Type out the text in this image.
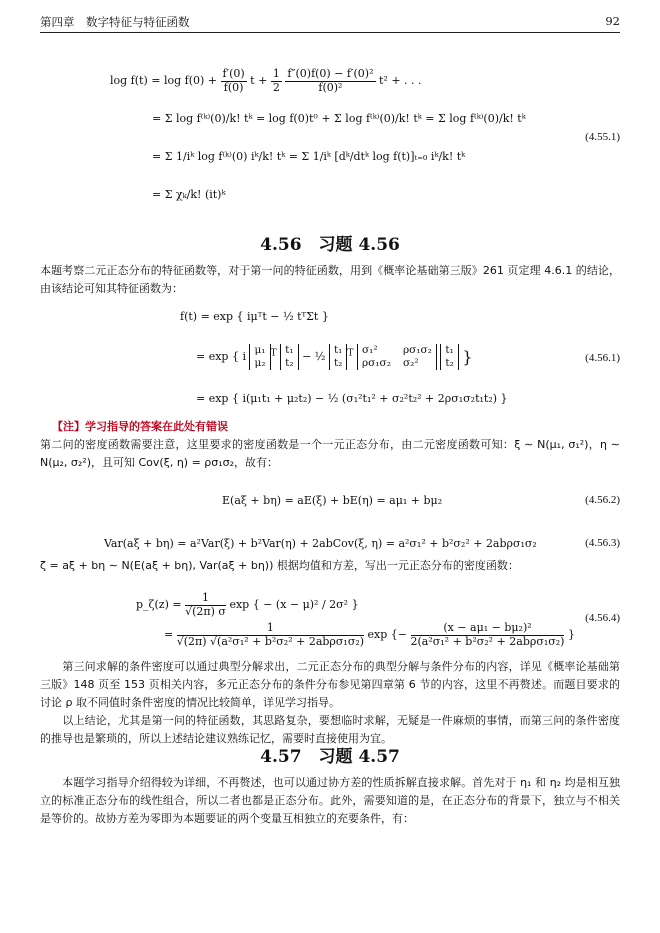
第四章　数字特征与特征函数	92
$\log f(t) = \log f(0) + \frac{f'(0)}{f(0)}$ $t + \frac{1}{2}$
$\frac{\text{f″(0)f(0) − f′(0)²}}{\text{f(0)²}} t^2$ + . . .
= Σ log f⁽ᵏ⁾(0)/k! tᵏ = log f(0)t⁰ + Σ log f⁽ᵏ⁾(0)/k! tᵏ = Σ log f⁽ᵏ⁾(0)/k! tᵏ
= Σ 1/iᵏ log f⁽ᵏ⁾(0) iᵏ/k! tᵏ = Σ 1/iᵏ [dᵏ/dtᵏ log f(t)]ₜ₌₀ iᵏ/k! tᵏ
= Σ χₖ/k! (it)ᵏ
(4.55.1)
4.56　习题 4.56
本题考察二元正态分布的特征函数等，对于第一问的特征函数，用到《概率论基础第三版》261 页定理 4.6.1 的结论，由该结论可知其特征函数为：
f(t) = exp { iμᵀt − ½ tᵀΣt }
= exp { i μ₁
μ₂$^T$ t₁
t₂ − ½ t₁
t₂$^T$ σ₁²	ρσ₁σ₂
ρσ₁σ₂ σ₂²
t₁
t₂ }	(4.56.1)
= exp { i(μ₁t₁ + μ₂t₂) − ½ (σ₁²t₁² + σ₂²t₂² + 2ρσ₁σ₂t₁t₂) }
【注】学习指导的答案在此处有错误
第二问的密度函数需要注意，这里要求的密度函数是一个一元正态分布，由二元密度函数可知：ξ ∼ N(μ₁, σ₁²)，η ∼ N(μ₂, σ₂²)，且可知 Cov(ξ, η) = ρσ₁σ₂，故有：
E(aξ + bη) = aE(ξ) + bE(η) = aμ₁ + bμ₂	(4.56.2)
Var(aξ + bη) = a²Var(ξ) + b²Var(η) + 2abCov(ξ, η) = a²σ₁² + b²σ₂² + 2abρσ₁σ₂	(4.56.3)
ζ = aξ + bη ∼ N(E(aξ + bη), Var(aξ + bη)) 根据均值和方差，写出一元正态分布的密度函数：
p_ζ(z) = $\frac{1}{√(2\pi) \sigma}$ exp { − (x − μ)² / 2σ² }
= $\frac{1}{\text{√(2π) √(a²σ₁² + b²σ₂² + 2abρσ₁σ₂)}}$ exp {− $\frac{\text{(x − aμ₁ − bμ₂)²}}{\text{2(a²σ₁² + b²σ₂² + 2abρσ₁σ₂)}}$ }
(4.56.4)
　　第三问求解的条件密度可以通过典型分解求出，二元正态分布的典型分解与条件分布的内容，详见《概率论基础第三版》148 页至 153 页相关内容，多元正态分布的条件分布参见第四章第 6 节的内容，这里不再赘述。而题目要求的讨论 ρ 取不同值时条件密度的情况比较简单，详见学习指导。
　　以上结论，尤其是第一问的特征函数，其思路复杂，要想临时求解，无疑是一件麻烦的事情，而第三问的条件密度的推导也是繁琐的，所以上述结论建议熟练记忆，需要时直接使用为宜。
4.57　习题 4.57
　　本题学习指导介绍得较为详细，不再赘述，也可以通过协方差的性质拆解直接求解。首先对于 η₁ 和 η₂ 均是相互独立的标准正态分布的线性组合，所以二者也都是正态分布。此外，需要知道的是，在正态分布的背景下，独立与不相关是等价的。故协方差为零即为本题要证的两个变量互相独立的充要条件，有：
